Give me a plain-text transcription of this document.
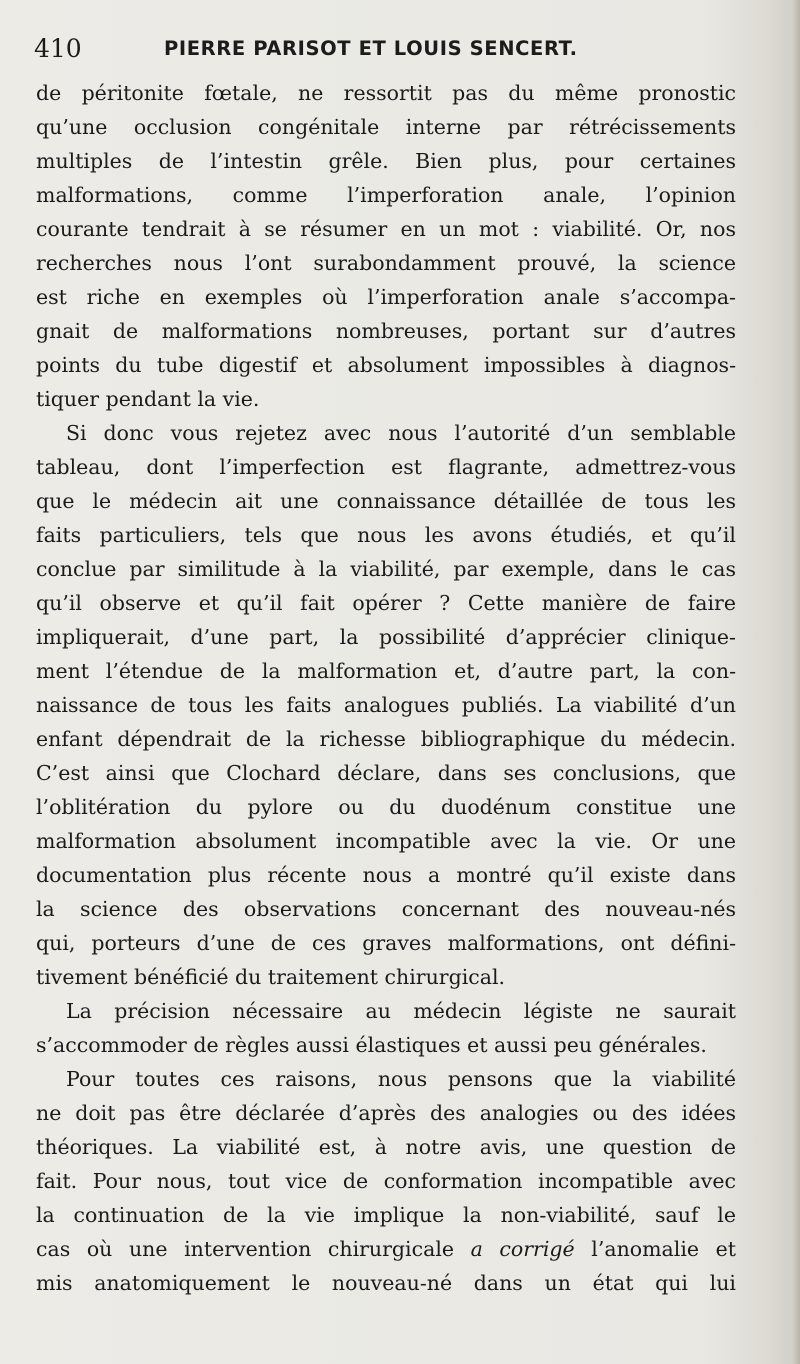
410	PIERRE PARISOT ET LOUIS SENCERT.
de péritonite fœtale, ne ressortit pas du même pronostic
qu’une occlusion congénitale interne par rétrécissements
multiples de l’intestin grêle. Bien plus, pour certaines
malformations, comme l’imperforation anale, l’opinion
courante tendrait à se résumer en un mot : viabilité. Or, nos
recherches nous l’ont surabondamment prouvé, la science
est riche en exemples où l’imperforation anale s’accompa-
gnait de malformations nombreuses, portant sur d’autres
points du tube digestif et absolument impossibles à diagnos-
tiquer pendant la vie.
Si donc vous rejetez avec nous l’autorité d’un semblable
tableau, dont l’imperfection est flagrante, admettrez-vous
que le médecin ait une connaissance détaillée de tous les
faits particuliers, tels que nous les avons étudiés, et qu’il
conclue par similitude à la viabilité, par exemple, dans le cas
qu’il observe et qu’il fait opérer ? Cette manière de faire
impliquerait, d’une part, la possibilité d’apprécier clinique-
ment l’étendue de la malformation et, d’autre part, la con-
naissance de tous les faits analogues publiés. La viabilité d’un
enfant dépendrait de la richesse bibliographique du médecin.
C’est ainsi que Clochard déclare, dans ses conclusions, que
l’oblitération du pylore ou du duodénum constitue une
malformation absolument incompatible avec la vie. Or une
documentation plus récente nous a montré qu’il existe dans
la science des observations concernant des nouveau-nés
qui, porteurs d’une de ces graves malformations, ont défini-
tivement bénéficié du traitement chirurgical.
La précision nécessaire au médecin légiste ne saurait
s’accommoder de règles aussi élastiques et aussi peu générales.
Pour toutes ces raisons, nous pensons que la viabilité
ne doit pas être déclarée d’après des analogies ou des idées
théoriques. La viabilité est, à notre avis, une question de
fait. Pour nous, tout vice de conformation incompatible avec
la continuation de la vie implique la non-viabilité, sauf le
cas où une intervention chirurgicale a corrigé l’anomalie et
mis anatomiquement le nouveau-né dans un état qui lui
